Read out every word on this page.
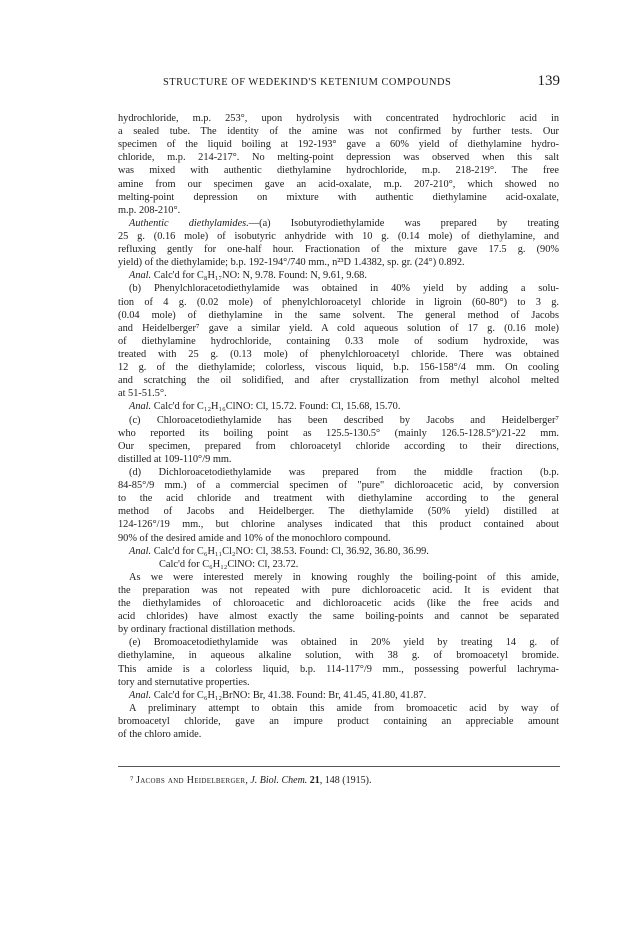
STRUCTURE OF WEDEKIND'S KETENIUM COMPOUNDS	139
hydrochloride, m.p. 253°, upon hydrolysis with concentrated hydrochloric acid in
a sealed tube. The identity of the amine was not confirmed by further tests. Our
specimen of the liquid boiling at 192-193° gave a 60% yield of diethylamine hydro-
chloride, m.p. 214-217°. No melting-point depression was observed when this salt
was mixed with authentic diethylamine hydrochloride, m.p. 218-219°. The free
amine from our specimen gave an acid-oxalate, m.p. 207-210°, which showed no
melting-point depression on mixture with authentic diethylamine acid-oxalate,
m.p. 208-210°.
Authentic diethylamides.—(a) Isobutyrodiethylamide was prepared by treating
25 g. (0.16 mole) of isobutyric anhydride with 10 g. (0.14 mole) of diethylamine, and
refluxing gently for one-half hour. Fractionation of the mixture gave 17.5 g. (90%
yield) of the diethylamide; b.p. 192-194°/740 mm., n²³D 1.4382, sp. gr. (24°) 0.892.
Anal. Calc'd for C₈H₁₇NO: N, 9.78. Found: N, 9.61, 9.68.
(b) Phenylchloracetodiethylamide was obtained in 40% yield by adding a solu-
tion of 4 g. (0.02 mole) of phenylchloroacetyl chloride in ligroin (60-80°) to 3 g.
(0.04 mole) of diethylamine in the same solvent. The general method of Jacobs
and Heidelberger⁷ gave a similar yield. A cold aqueous solution of 17 g. (0.16 mole)
of diethylamine hydrochloride, containing 0.33 mole of sodium hydroxide, was
treated with 25 g. (0.13 mole) of phenylchloroacetyl chloride. There was obtained
12 g. of the diethylamide; colorless, viscous liquid, b.p. 156-158°/4 mm. On cooling
and scratching the oil solidified, and after crystallization from methyl alcohol melted
at 51-51.5°.
Anal. Calc'd for C₁₂H₁₆ClNO: Cl, 15.72. Found: Cl, 15.68, 15.70.
(c) Chloroacetodiethylamide has been described by Jacobs and Heidelberger⁷
who reported its boiling point as 125.5-130.5° (mainly 126.5-128.5°)/21-22 mm.
Our specimen, prepared from chloroacetyl chloride according to their directions,
distilled at 109-110°/9 mm.
(d) Dichloroacetodiethylamide was prepared from the middle fraction (b.p.
84-85°/9 mm.) of a commercial specimen of "pure" dichloroacetic acid, by conversion
to the acid chloride and treatment with diethylamine according to the general
method of Jacobs and Heidelberger. The diethylamide (50% yield) distilled at
124-126°/19 mm., but chlorine analyses indicated that this product contained about
90% of the desired amide and 10% of the monochloro compound.
Anal. Calc'd for C₆H₁₁Cl₂NO: Cl, 38.53. Found: Cl, 36.92, 36.80, 36.99.
Calc'd for C₆H₁₂ClNO: Cl, 23.72.
As we were interested merely in knowing roughly the boiling-point of this amide,
the preparation was not repeated with pure dichloroacetic acid. It is evident that
the diethylamides of chloroacetic and dichloroacetic acids (like the free acids and
acid chlorides) have almost exactly the same boiling-points and cannot be separated
by ordinary fractional distillation methods.
(e) Bromoacetodiethylamide was obtained in 20% yield by treating 14 g. of
diethylamine, in aqueous alkaline solution, with 38 g. of bromoacetyl bromide.
This amide is a colorless liquid, b.p. 114-117°/9 mm., possessing powerful lachryma-
tory and sternutative properties.
Anal. Calc'd for C₆H₁₂BrNO: Br, 41.38. Found: Br, 41.45, 41.80, 41.87.
A preliminary attempt to obtain this amide from bromoacetic acid by way of
bromoacetyl chloride, gave an impure product containing an appreciable amount
of the chloro amide.
⁷ Jacobs and Heidelberger, J. Biol. Chem. 21, 148 (1915).
